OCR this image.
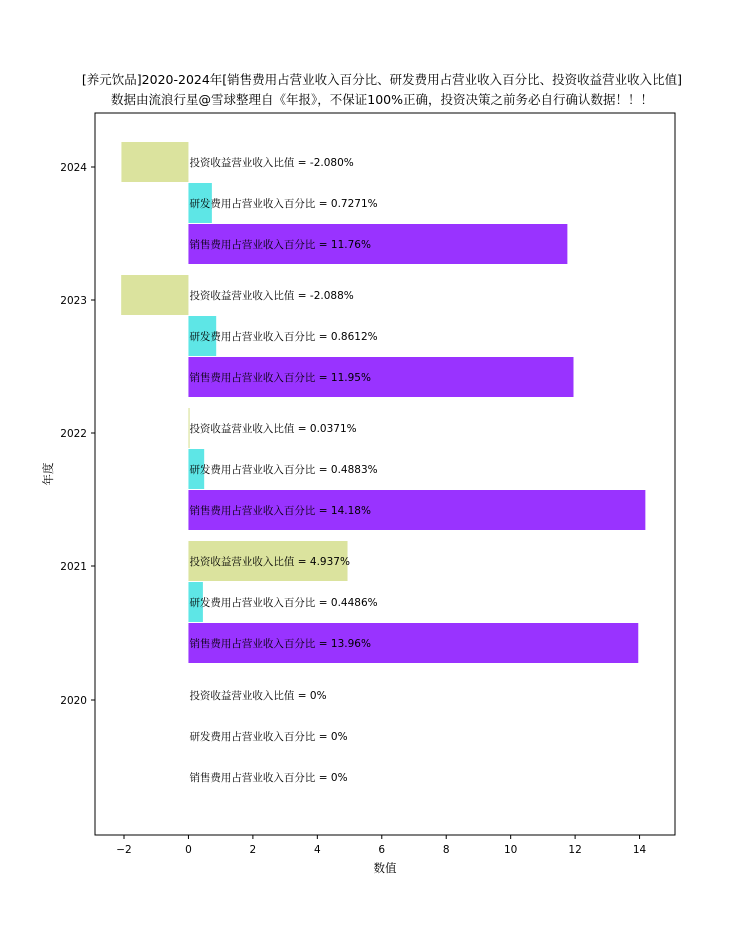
[养元饮品]2020-2024年[销售费用占营业收入百分比、研发费用占营业收入百分比、投资收益营业收入比值]
数据由流浪行星@雪球整理自《年报》，不保证100%正确，投资决策之前务必自行确认数据！！！
销售费用占营业收入百分比 = 0%
销售费用占营业收入百分比 = 13.96%
销售费用占营业收入百分比 = 14.18%
销售费用占营业收入百分比 = 11.95%
销售费用占营业收入百分比 = 11.76%
研发费用占营业收入百分比 = 0%
研发费用占营业收入百分比 = 0.4486%
研发费用占营业收入百分比 = 0.4883%
研发费用占营业收入百分比 = 0.8612%
研发费用占营业收入百分比 = 0.7271%
投资收益营业收入比值 = 0%
投资收益营业收入比值 = 4.937%
投资收益营业收入比值 = 0.0371%
投资收益营业收入比值 = -2.088%
投资收益营业收入比值 = -2.080%
−2	0	2	4	6	8	10	12	14
2020
2021
2022
2023
2024
数值
年度
